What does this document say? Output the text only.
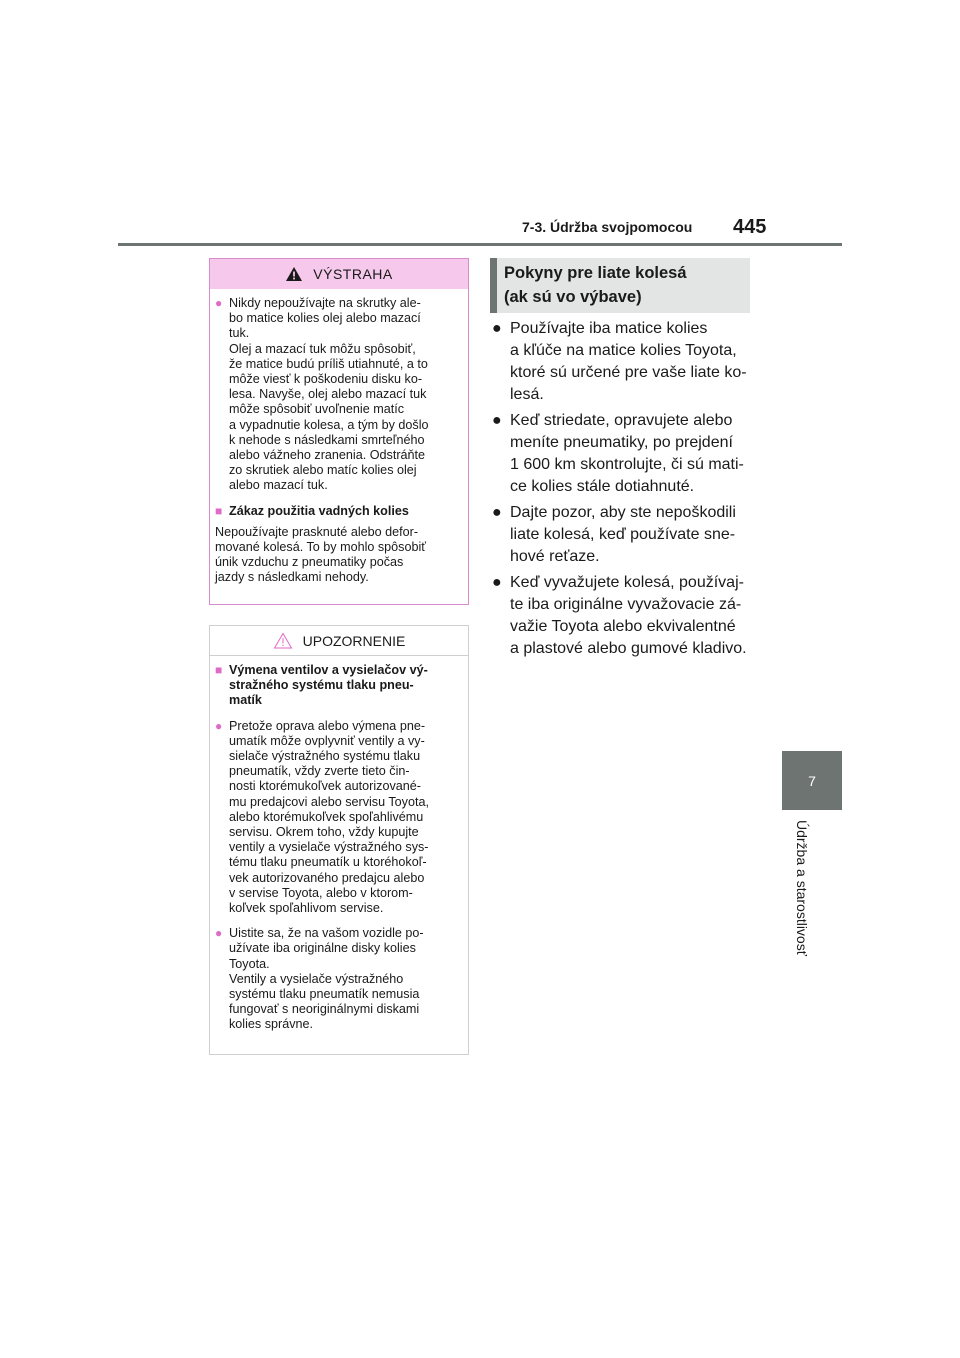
7-3. Údržba svojpomocou 445
7
Údržba a starostlivosť
VÝSTRAHA
● Nikdy nepoužívajte na skrutky ale-
bo matice kolies olej alebo mazací
tuk.
Olej a mazací tuk môžu spôsobiť,
že matice budú príliš utiahnuté, a to
môže viesť k poškodeniu disku ko-
lesa. Navyše, olej alebo mazací tuk
môže spôsobiť uvoľnenie matíc
a vypadnutie kolesa, a tým by došlo
k nehode s následkami smrteľného
alebo vážneho zranenia. Odstráňte
zo skrutiek alebo matíc kolies olej
alebo mazací tuk.
■ Zákaz použitia vadných kolies
Nepoužívajte prasknuté alebo defor-
mované kolesá. To by mohlo spôsobiť
únik vzduchu z pneumatiky počas
jazdy s následkami nehody.
UPOZORNENIE
■ Výmena ventilov a vysielačov vý-
stražného systému tlaku pneu-
matík
● Pretože oprava alebo výmena pne-
umatík môže ovplyvniť ventily a vy-
sielače výstražného systému tlaku
pneumatík, vždy zverte tieto čin-
nosti ktorémukoľvek autorizované-
mu predajcovi alebo servisu Toyota,
alebo ktorémukoľvek spoľahlivému
servisu. Okrem toho, vždy kupujte
ventily a vysielače výstražného sys-
tému tlaku pneumatík u ktoréhokoľ-
vek autorizovaného predajcu alebo
v servise Toyota, alebo v ktorom-
koľvek spoľahlivom servise.
● Uistite sa, že na vašom vozidle po-
užívate iba originálne disky kolies
Toyota.
Ventily a vysielače výstražného
systému tlaku pneumatík nemusia
fungovať s neoriginálnymi diskami
kolies správne.
Pokyny pre liate kolesá
(ak sú vo výbave)
● Používajte iba matice kolies
a kľúče na matice kolies Toyota,
ktoré sú určené pre vaše liate ko-
lesá.
● Keď striedate, opravujete alebo
meníte pneumatiky, po prejdení
1 600 km skontrolujte, či sú mati-
ce kolies stále dotiahnuté.
● Dajte pozor, aby ste nepoškodili
liate kolesá, keď používate sne-
hové reťaze.
● Keď vyvažujete kolesá, používaj-
te iba originálne vyvažovacie zá-
važie Toyota alebo ekvivalentné
a plastové alebo gumové kladivo.
